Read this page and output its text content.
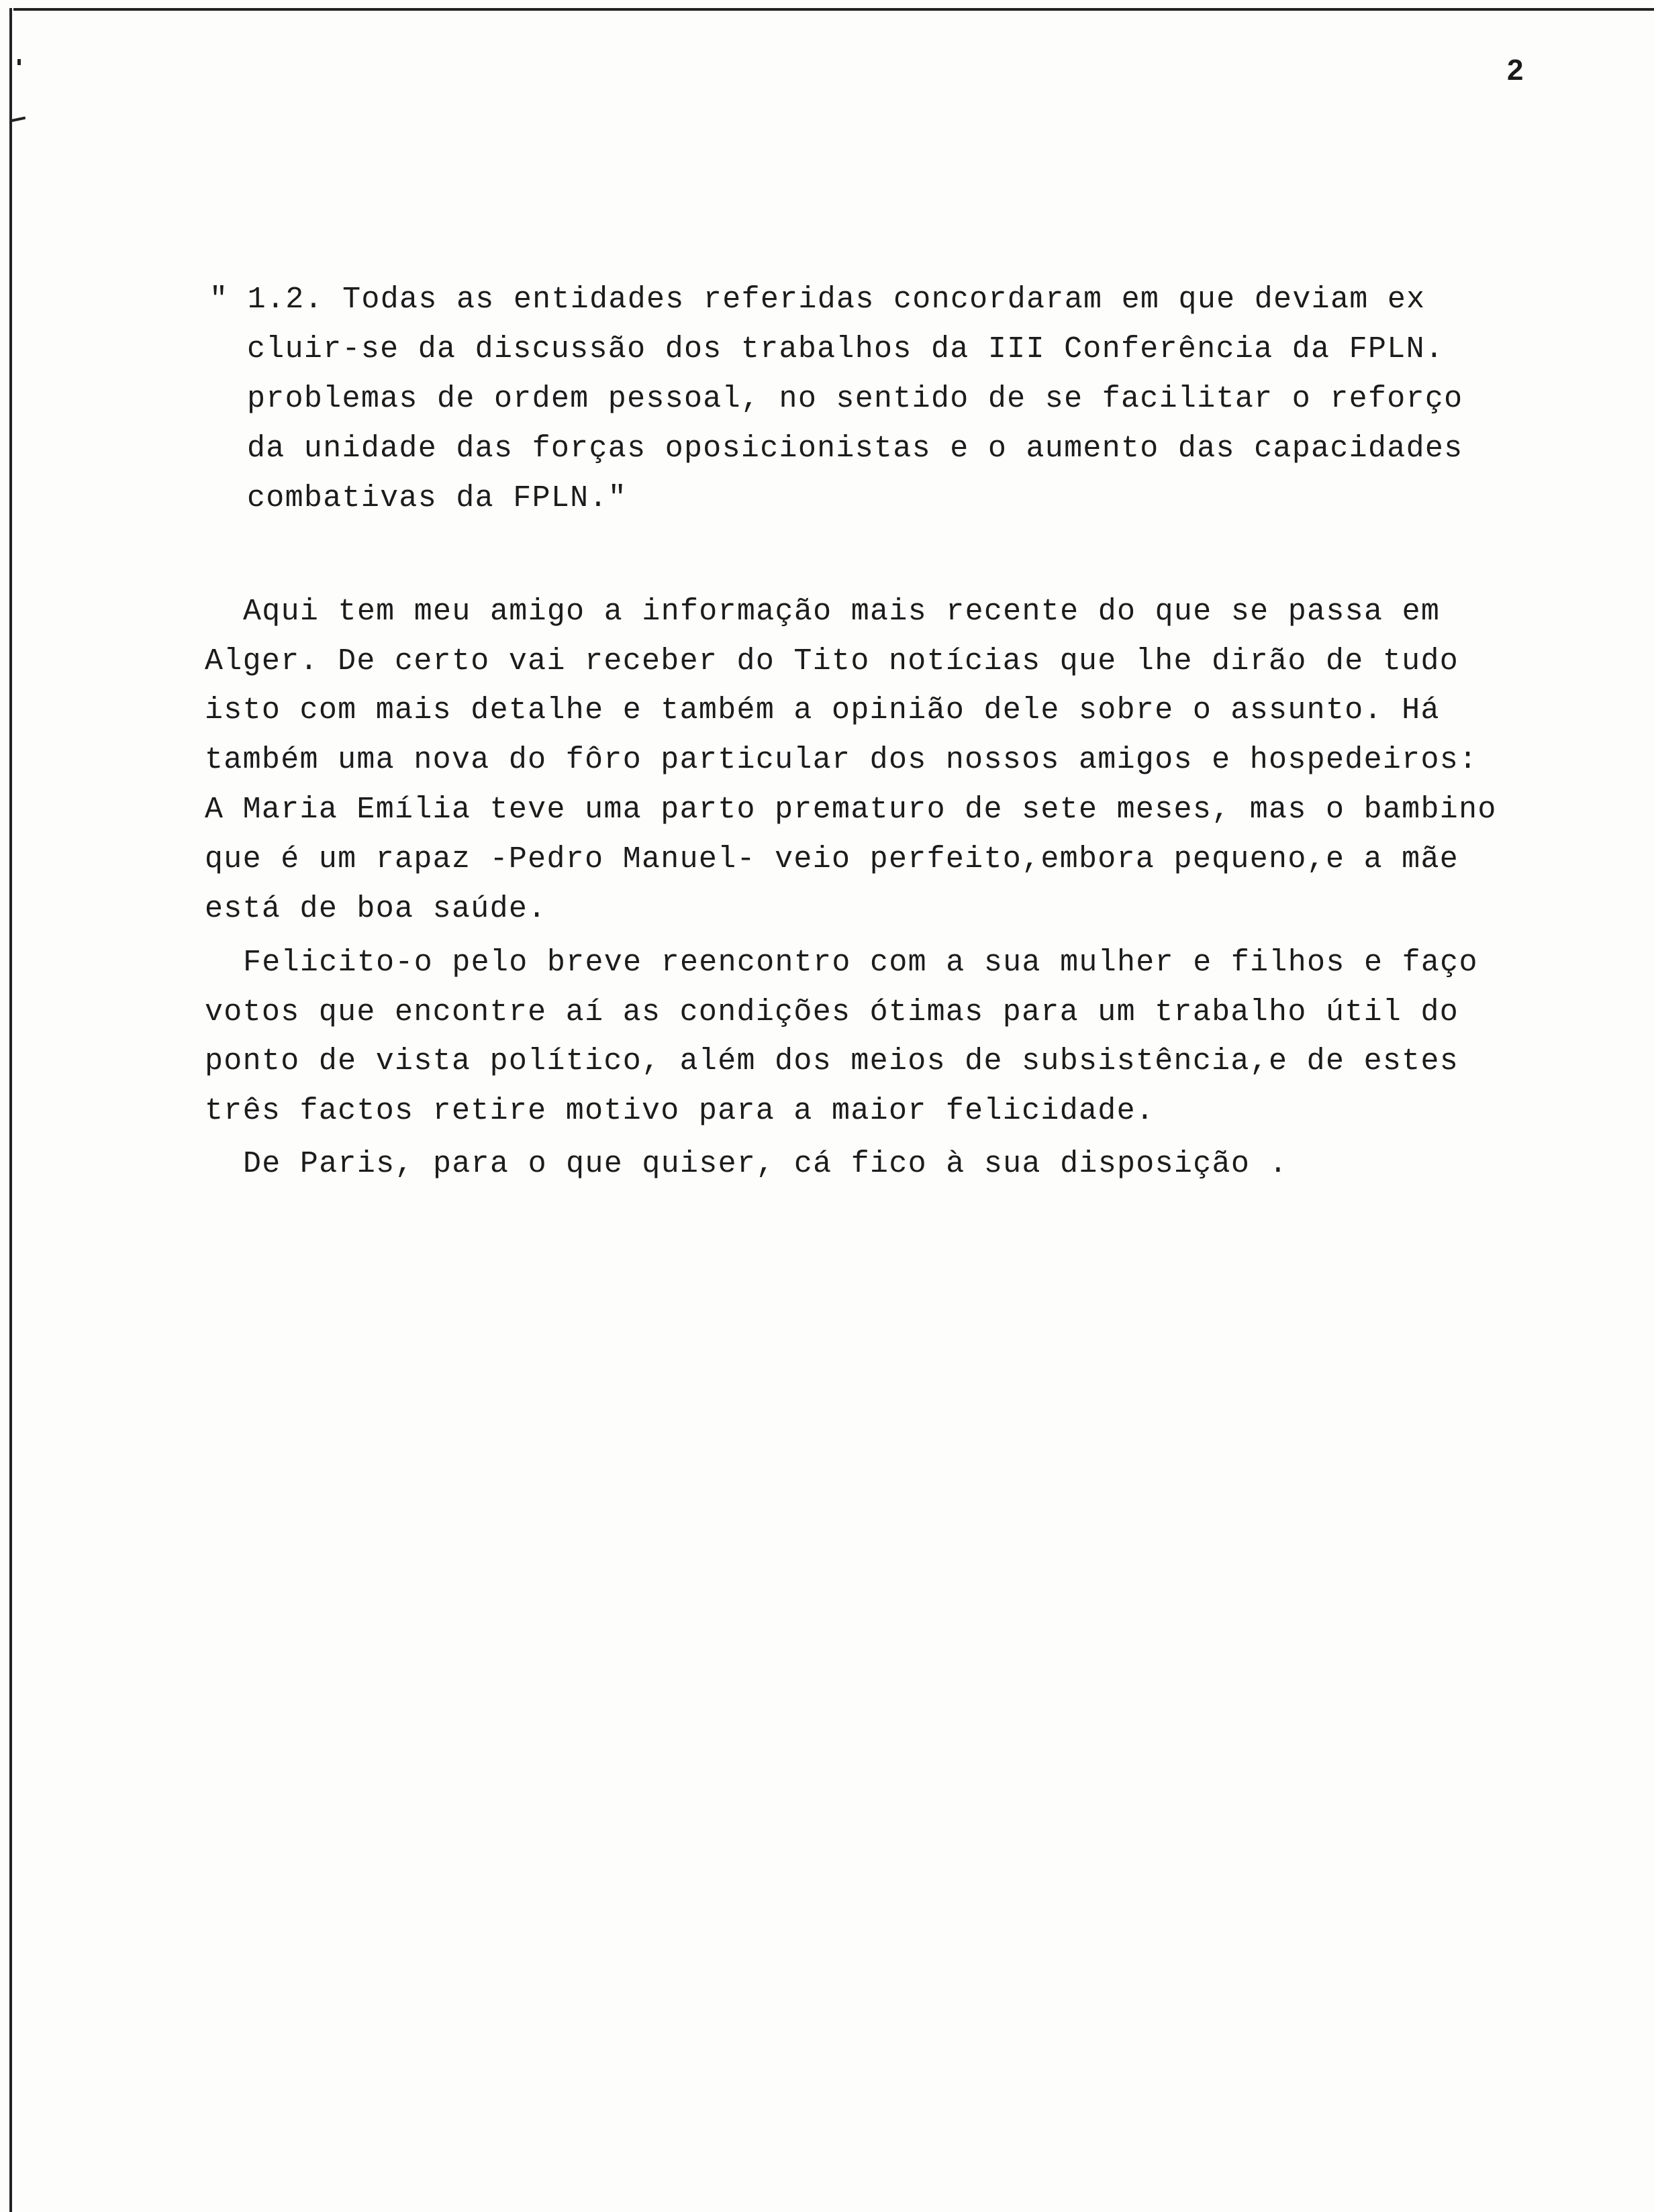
2

" 1.2. Todas as entidades referidas concordaram em que deviam ex

cluir-se da discussão dos trabalhos da III Conferência da FPLN.

problemas de ordem pessoal, no sentido de se facilitar o reforço

da unidade das forças oposicionistas e o aumento das capacidades

combativas da FPLN."

Aqui tem meu amigo a informação mais recente do que se passa em

Alger. De certo vai receber do Tito notícias que lhe dirão de tudo

isto com mais detalhe e também a opinião dele sobre o assunto. Há

também uma nova do fôro particular dos nossos amigos e hospedeiros:

A Maria Emília teve uma parto prematuro de sete meses, mas o bambino

que é um rapaz -Pedro Manuel- veio perfeito,embora pequeno,e a mãe

está de boa saúde.

Felicito-o pelo breve reencontro com a sua mulher e filhos e faço

votos que encontre aí as condições ótimas para um trabalho útil do

ponto de vista político, além dos meios de subsistência,e de estes

três factos retire motivo para a maior felicidade.

De Paris, para o que quiser, cá fico à sua disposição .
